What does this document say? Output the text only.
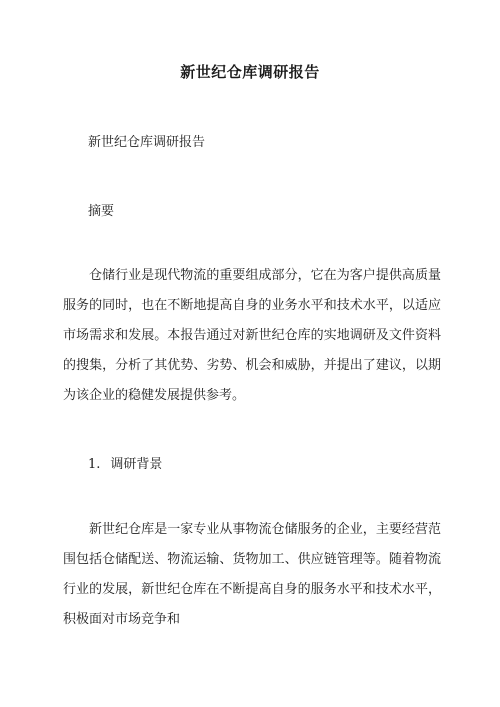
新世纪仓库调研报告
新世纪仓库调研报告
摘要

仓储行业是现代物流的重要组成部分，它在为客户提供高质量服务的同时，也在不断地提高自身的业务水平和技术水平，以适应市场需求和发展。本报告通过对新世纪仓库的实地调研及文件资料的搜集，分析了其优势、劣势、机会和威胁，并提出了建议，以期为该企业的稳健发展提供参考。

1. 调研背景

新世纪仓库是一家专业从事物流仓储服务的企业，主要经营范围包括仓储配送、物流运输、货物加工、供应链管理等。随着物流行业的发展，新世纪仓库在不断提高自身的服务水平和技术水平，积极面对市场竞争和
